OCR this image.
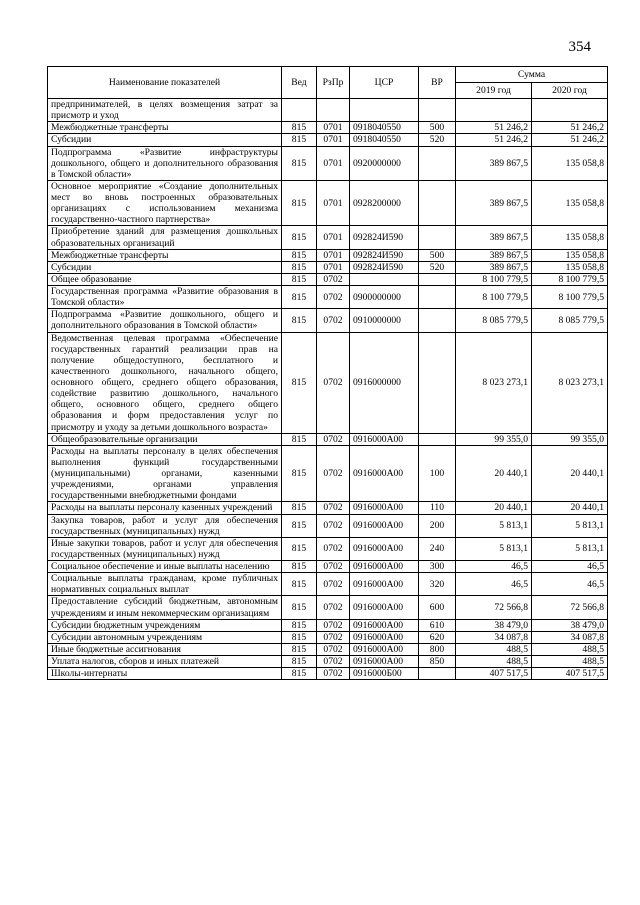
354
Наименование показателей	Вед	РзПр	ЦСР	ВР	Сумма	
					2019 год	2020 год
предпринимателей, в целях возмещения затрат за присмотр и уход						
Межбюджетные трансферты	815	0701	0918040550	500	51 246,2	51 246,2
Субсидии	815	0701	0918040550	520	51 246,2	51 246,2
Подпрограмма «Развитие инфраструктуры дошкольного, общего и дополнительного образования в Томской области»	815	0701	0920000000		389 867,5	135 058,8
Основное мероприятие «Создание дополнительных мест во вновь построенных образовательных организациях с использованием механизма государственно-частного партнерства»	815	0701	0928200000		389 867,5	135 058,8
Приобретение зданий для размещения дошкольных образовательных организаций	815	0701	092824И590		389 867,5	135 058,8
Межбюджетные трансферты	815	0701	092824И590	500	389 867,5	135 058,8
Субсидии	815	0701	092824И590	520	389 867,5	135 058,8
Общее образование	815	0702			8 100 779,5	8 100 779,5
Государственная программа «Развитие образования в Томской области»	815	0702	0900000000		8 100 779,5	8 100 779,5
Подпрограмма «Развитие дошкольного, общего и дополнительного образования в Томской области»	815	0702	0910000000		8 085 779,5	8 085 779,5
Ведомственная целевая программа «Обеспечение государственных гарантий реализации прав на получение общедоступного, бесплатного и качественного дошкольного, начального общего, основного общего, среднего общего образования, содействие развитию дошкольного, начального общего, основного общего, среднего общего образования и форм предоставления услуг по присмотру и уходу за детьми дошкольного возраста»	815	0702	0916000000		8 023 273,1	8 023 273,1
Общеобразовательные организации	815	0702	0916000А00		99 355,0	99 355,0
Расходы на выплаты персоналу в целях обеспечения выполнения функций государственными (муниципальными) органами, казенными учреждениями, органами управления государственными внебюджетными фондами	815	0702	0916000А00	100	20 440,1	20 440,1
Расходы на выплаты персоналу казенных учреждений	815	0702	0916000А00	110	20 440,1	20 440,1
Закупка товаров, работ и услуг для обеспечения государственных (муниципальных) нужд	815	0702	0916000А00	200	5 813,1	5 813,1
Иные закупки товаров, работ и услуг для обеспечения государственных (муниципальных) нужд	815	0702	0916000А00	240	5 813,1	5 813,1
Социальное обеспечение и иные выплаты населению	815	0702	0916000А00	300	46,5	46,5
Социальные выплаты гражданам, кроме публичных нормативных социальных выплат	815	0702	0916000А00	320	46,5	46,5
Предоставление субсидий бюджетным, автономным учреждениям и иным некоммерческим организациям	815	0702	0916000А00	600	72 566,8	72 566,8
Субсидии бюджетным учреждениям	815	0702	0916000А00	610	38 479,0	38 479,0
Субсидии автономным учреждениям	815	0702	0916000А00	620	34 087,8	34 087,8
Иные бюджетные ассигнования	815	0702	0916000А00	800	488,5	488,5
Уплата налогов, сборов и иных платежей	815	0702	0916000А00	850	488,5	488,5
Школы-интернаты	815	0702	0916000Б00		407 517,5	407 517,5
